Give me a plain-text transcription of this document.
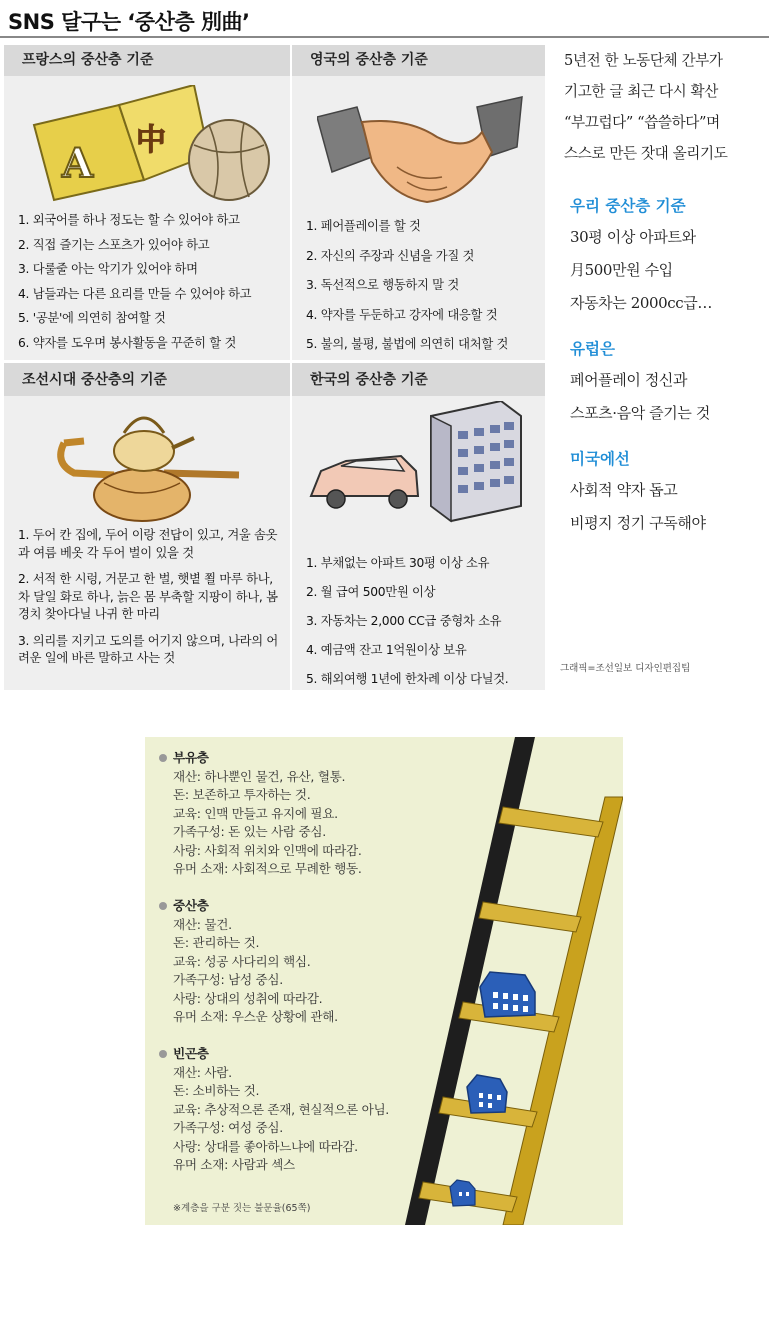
SNS 달구는 ‘중산층 別曲’
프랑스의 중산층 기준
A 中
1. 외국어를 하나 정도는 할 수 있어야 하고
2. 직접 즐기는 스포츠가 있어야 하고
3. 다룰줄 아는 악기가 있어야 하며
4. 남들과는 다른 요리를 만들 수 있어야 하고
5. '공분'에 의연히 참여할 것
6. 약자를 도우며 봉사활동을 꾸준히 할 것
영국의 중산층 기준
1. 페어플레이를 할 것
2. 자신의 주장과 신념을 가질 것
3. 독선적으로 행동하지 말 것
4. 약자를 두둔하고 강자에 대응할 것
5. 불의, 불평, 불법에 의연히 대처할 것
조선시대 중산층의 기준
1. 두어 칸 집에, 두어 이랑 전답이 있고, 겨울 솜옷과 여름 베옷 각 두어 벌이 있을 것
2. 서적 한 시렁, 거문고 한 벌, 햇볕 쬘 마루 하나, 차 달일 화로 하나, 늙은 몸 부축할 지팡이 하나, 봄 경치 찾아다닐 나귀 한 마리
3. 의리를 지키고 도의를 어기지 않으며, 나라의 어려운 일에 바른 말하고 사는 것
한국의 중산층 기준
1. 부채없는 아파트 30평 이상 소유
2. 월 급여 500만원 이상
3. 자동차는 2,000 CC급 중형차 소유
4. 예금액 잔고 1억원이상 보유
5. 해외여행 1년에 한차례 이상 다닐것.
5년전 한 노동단체 간부가
기고한 글 최근 다시 확산
“부끄럽다” “씁쓸하다”며
스스로 만든 잣대 올리기도
우리 중산층 기준
30평 이상 아파트와
月500만원 수입
자동차는 2000cc급…
유럽은
페어플레이 정신과
스포츠·음악 즐기는 것
미국에선
사회적 약자 돕고
비평지 정기 구독해야
그래픽=조선일보 디자인편집팀
부유층
재산: 하나뿐인 물건, 유산, 혈통.
돈: 보존하고 투자하는 것.
교육: 인맥 만들고 유지에 필요.
가족구성: 돈 있는 사람 중심.
사랑: 사회적 위치와 인맥에 따라감.
유머 소재: 사회적으로 무례한 행동.
중산층
재산: 물건.
돈: 관리하는 것.
교육: 성공 사다리의 핵심.
가족구성: 남성 중심.
사랑: 상대의 성취에 따라감.
유머 소재: 우스운 상황에 관해.
빈곤층
재산: 사람.
돈: 소비하는 것.
교육: 추상적으론 존재, 현실적으론 아님.
가족구성: 여성 중심.
사랑: 상대를 좋아하느냐에 따라감.
유머 소재: 사람과 섹스
※계층을 구분 짓는 불문율(65쪽)
